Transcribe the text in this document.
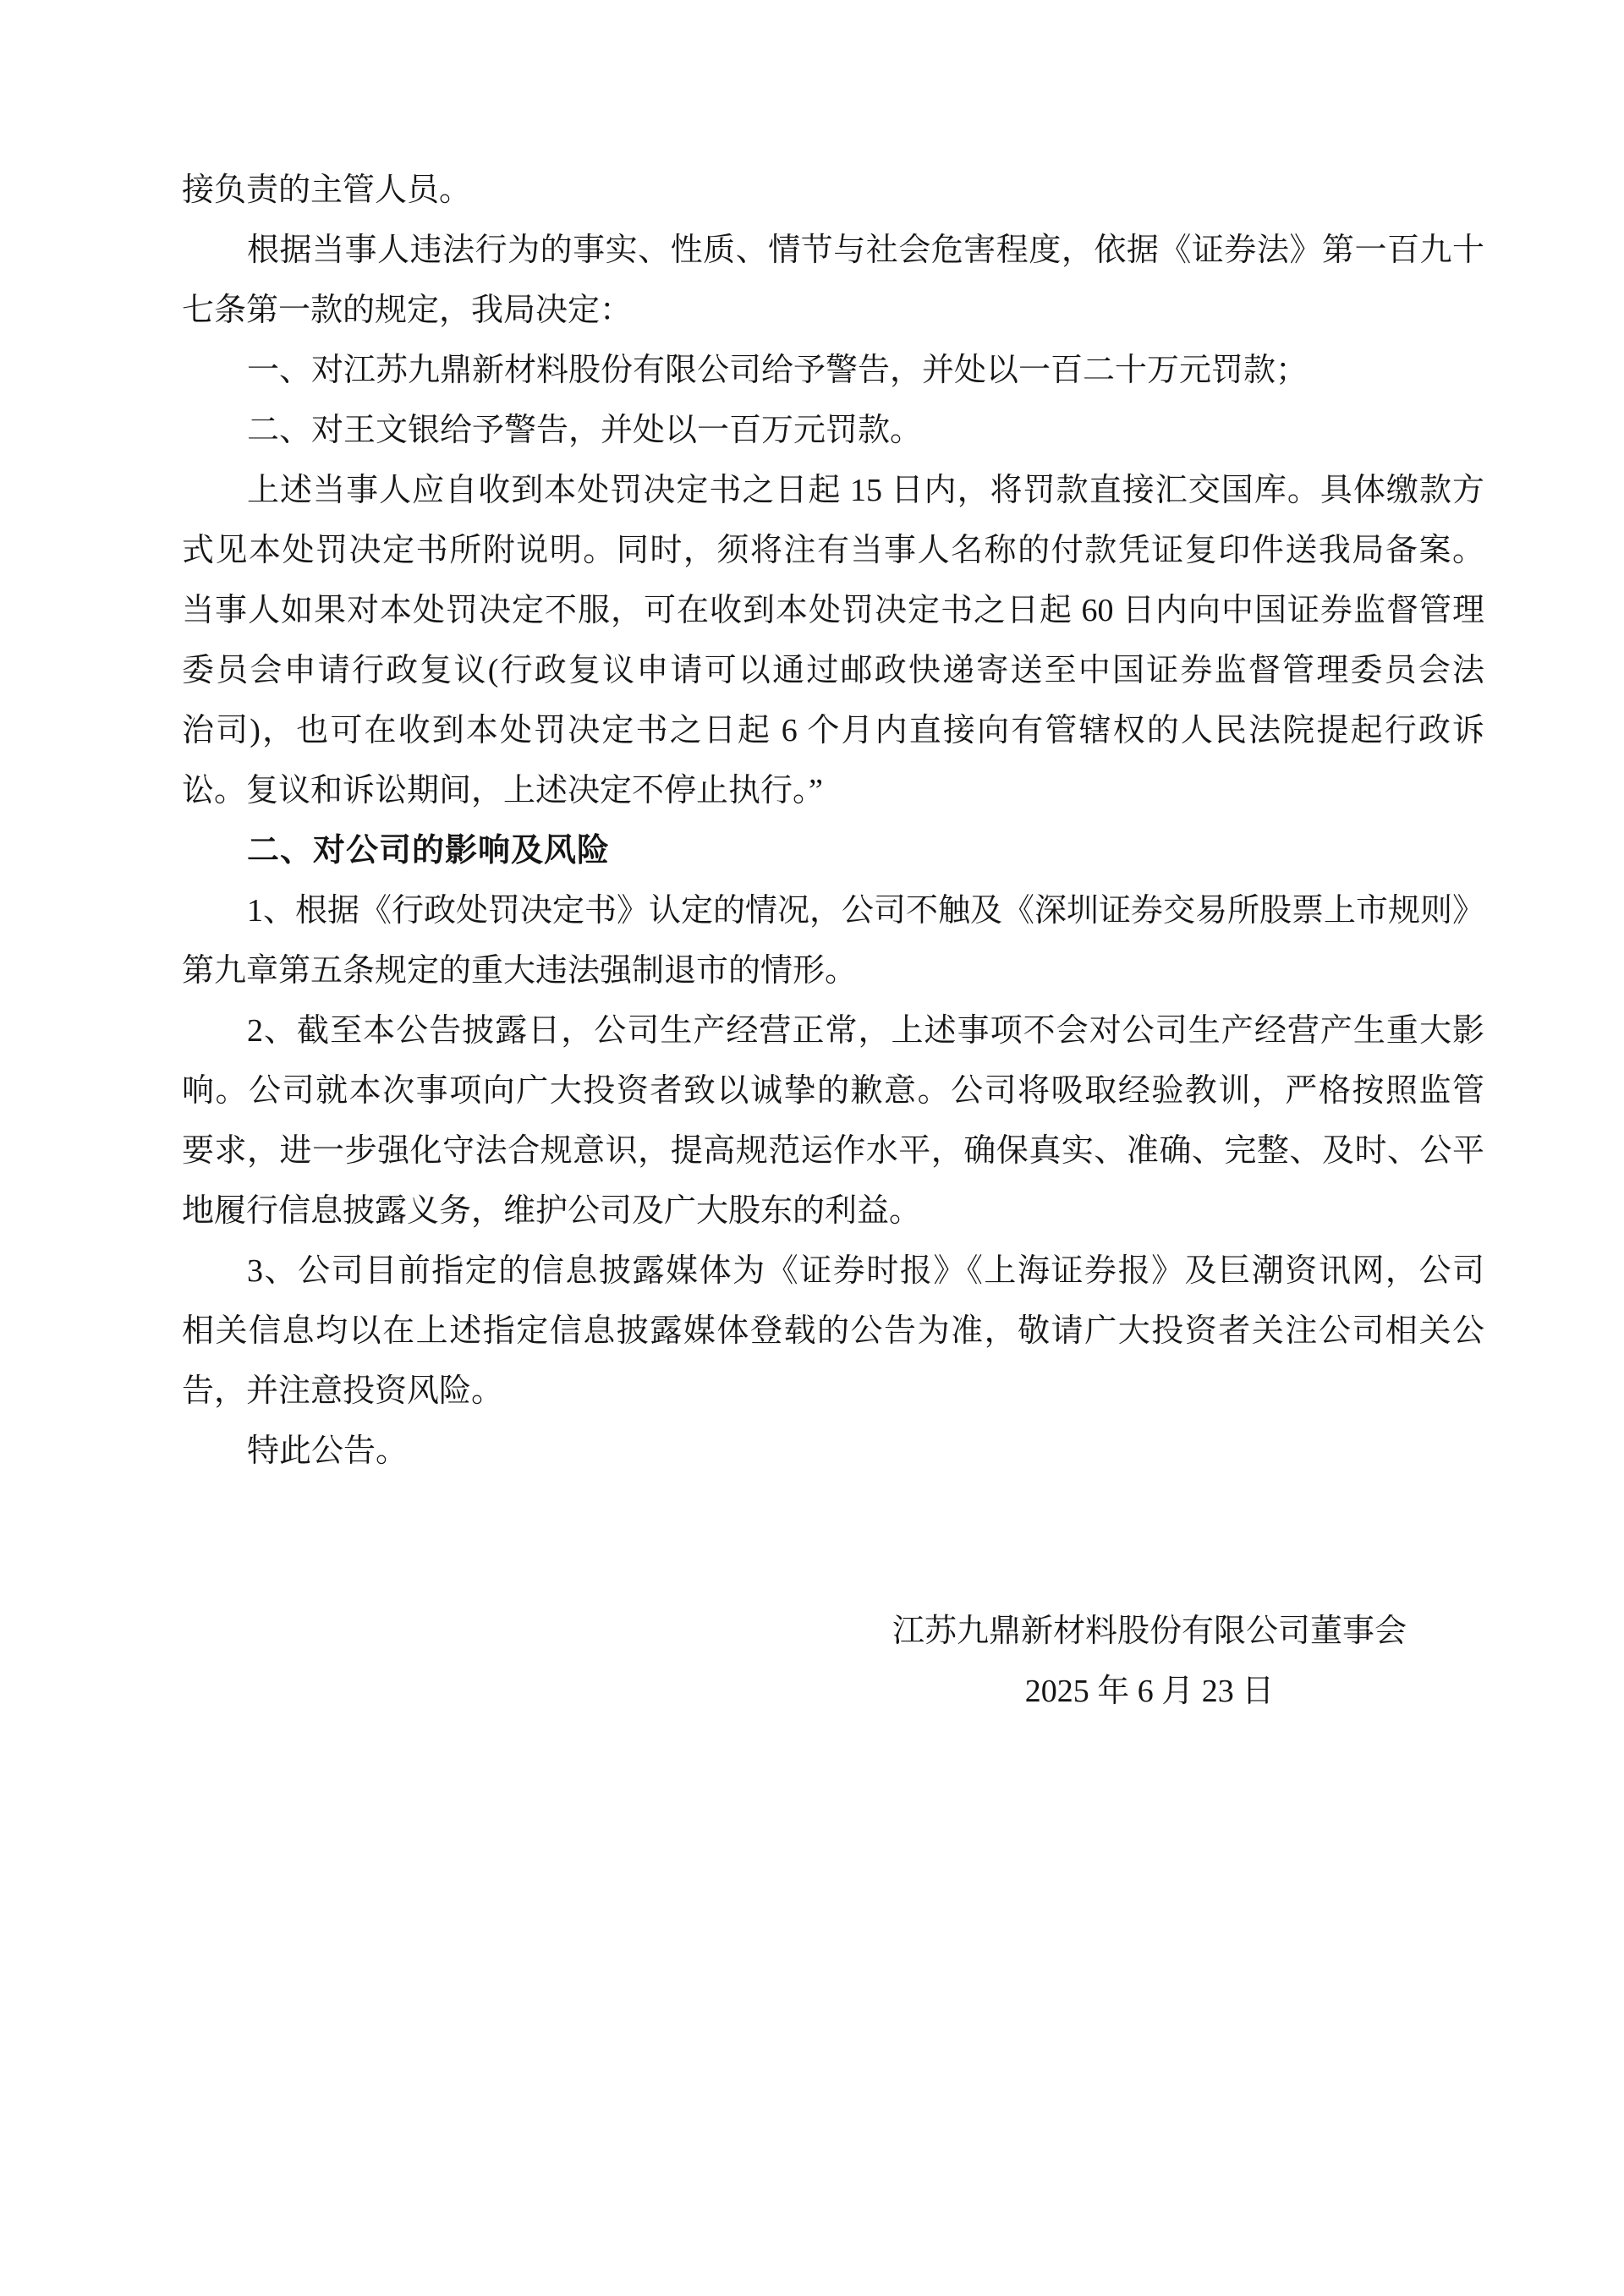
接负责的主管人员。
根据当事人违法行为的事实、性质、情节与社会危害程度，依据《证券法》第一百九十
七条第一款的规定，我局决定：
一、对江苏九鼎新材料股份有限公司给予警告，并处以一百二十万元罚款；
二、对王文银给予警告，并处以一百万元罚款。
上述当事人应自收到本处罚决定书之日起 15 日内，将罚款直接汇交国库。具体缴款方
式见本处罚决定书所附说明。同时，须将注有当事人名称的付款凭证复印件送我局备案。
当事人如果对本处罚决定不服，可在收到本处罚决定书之日起 60 日内向中国证券监督管理
委员会申请行政复议(行政复议申请可以通过邮政快递寄送至中国证券监督管理委员会法
治司)，也可在收到本处罚决定书之日起 6 个月内直接向有管辖权的人民法院提起行政诉
讼。复议和诉讼期间，上述决定不停止执行。”
二、对公司的影响及风险
1、根据《行政处罚决定书》认定的情况，公司不触及《深圳证券交易所股票上市规则》
第九章第五条规定的重大违法强制退市的情形。
2、截至本公告披露日，公司生产经营正常，上述事项不会对公司生产经营产生重大影
响。公司就本次事项向广大投资者致以诚挚的歉意。公司将吸取经验教训，严格按照监管
要求，进一步强化守法合规意识，提高规范运作水平，确保真实、准确、完整、及时、公平
地履行信息披露义务，维护公司及广大股东的利益。
3、公司目前指定的信息披露媒体为《证券时报》《上海证券报》及巨潮资讯网，公司
相关信息均以在上述指定信息披露媒体登载的公告为准，敬请广大投资者关注公司相关公
告，并注意投资风险。
特此公告。
江苏九鼎新材料股份有限公司董事会
2025 年 6 月 23 日
